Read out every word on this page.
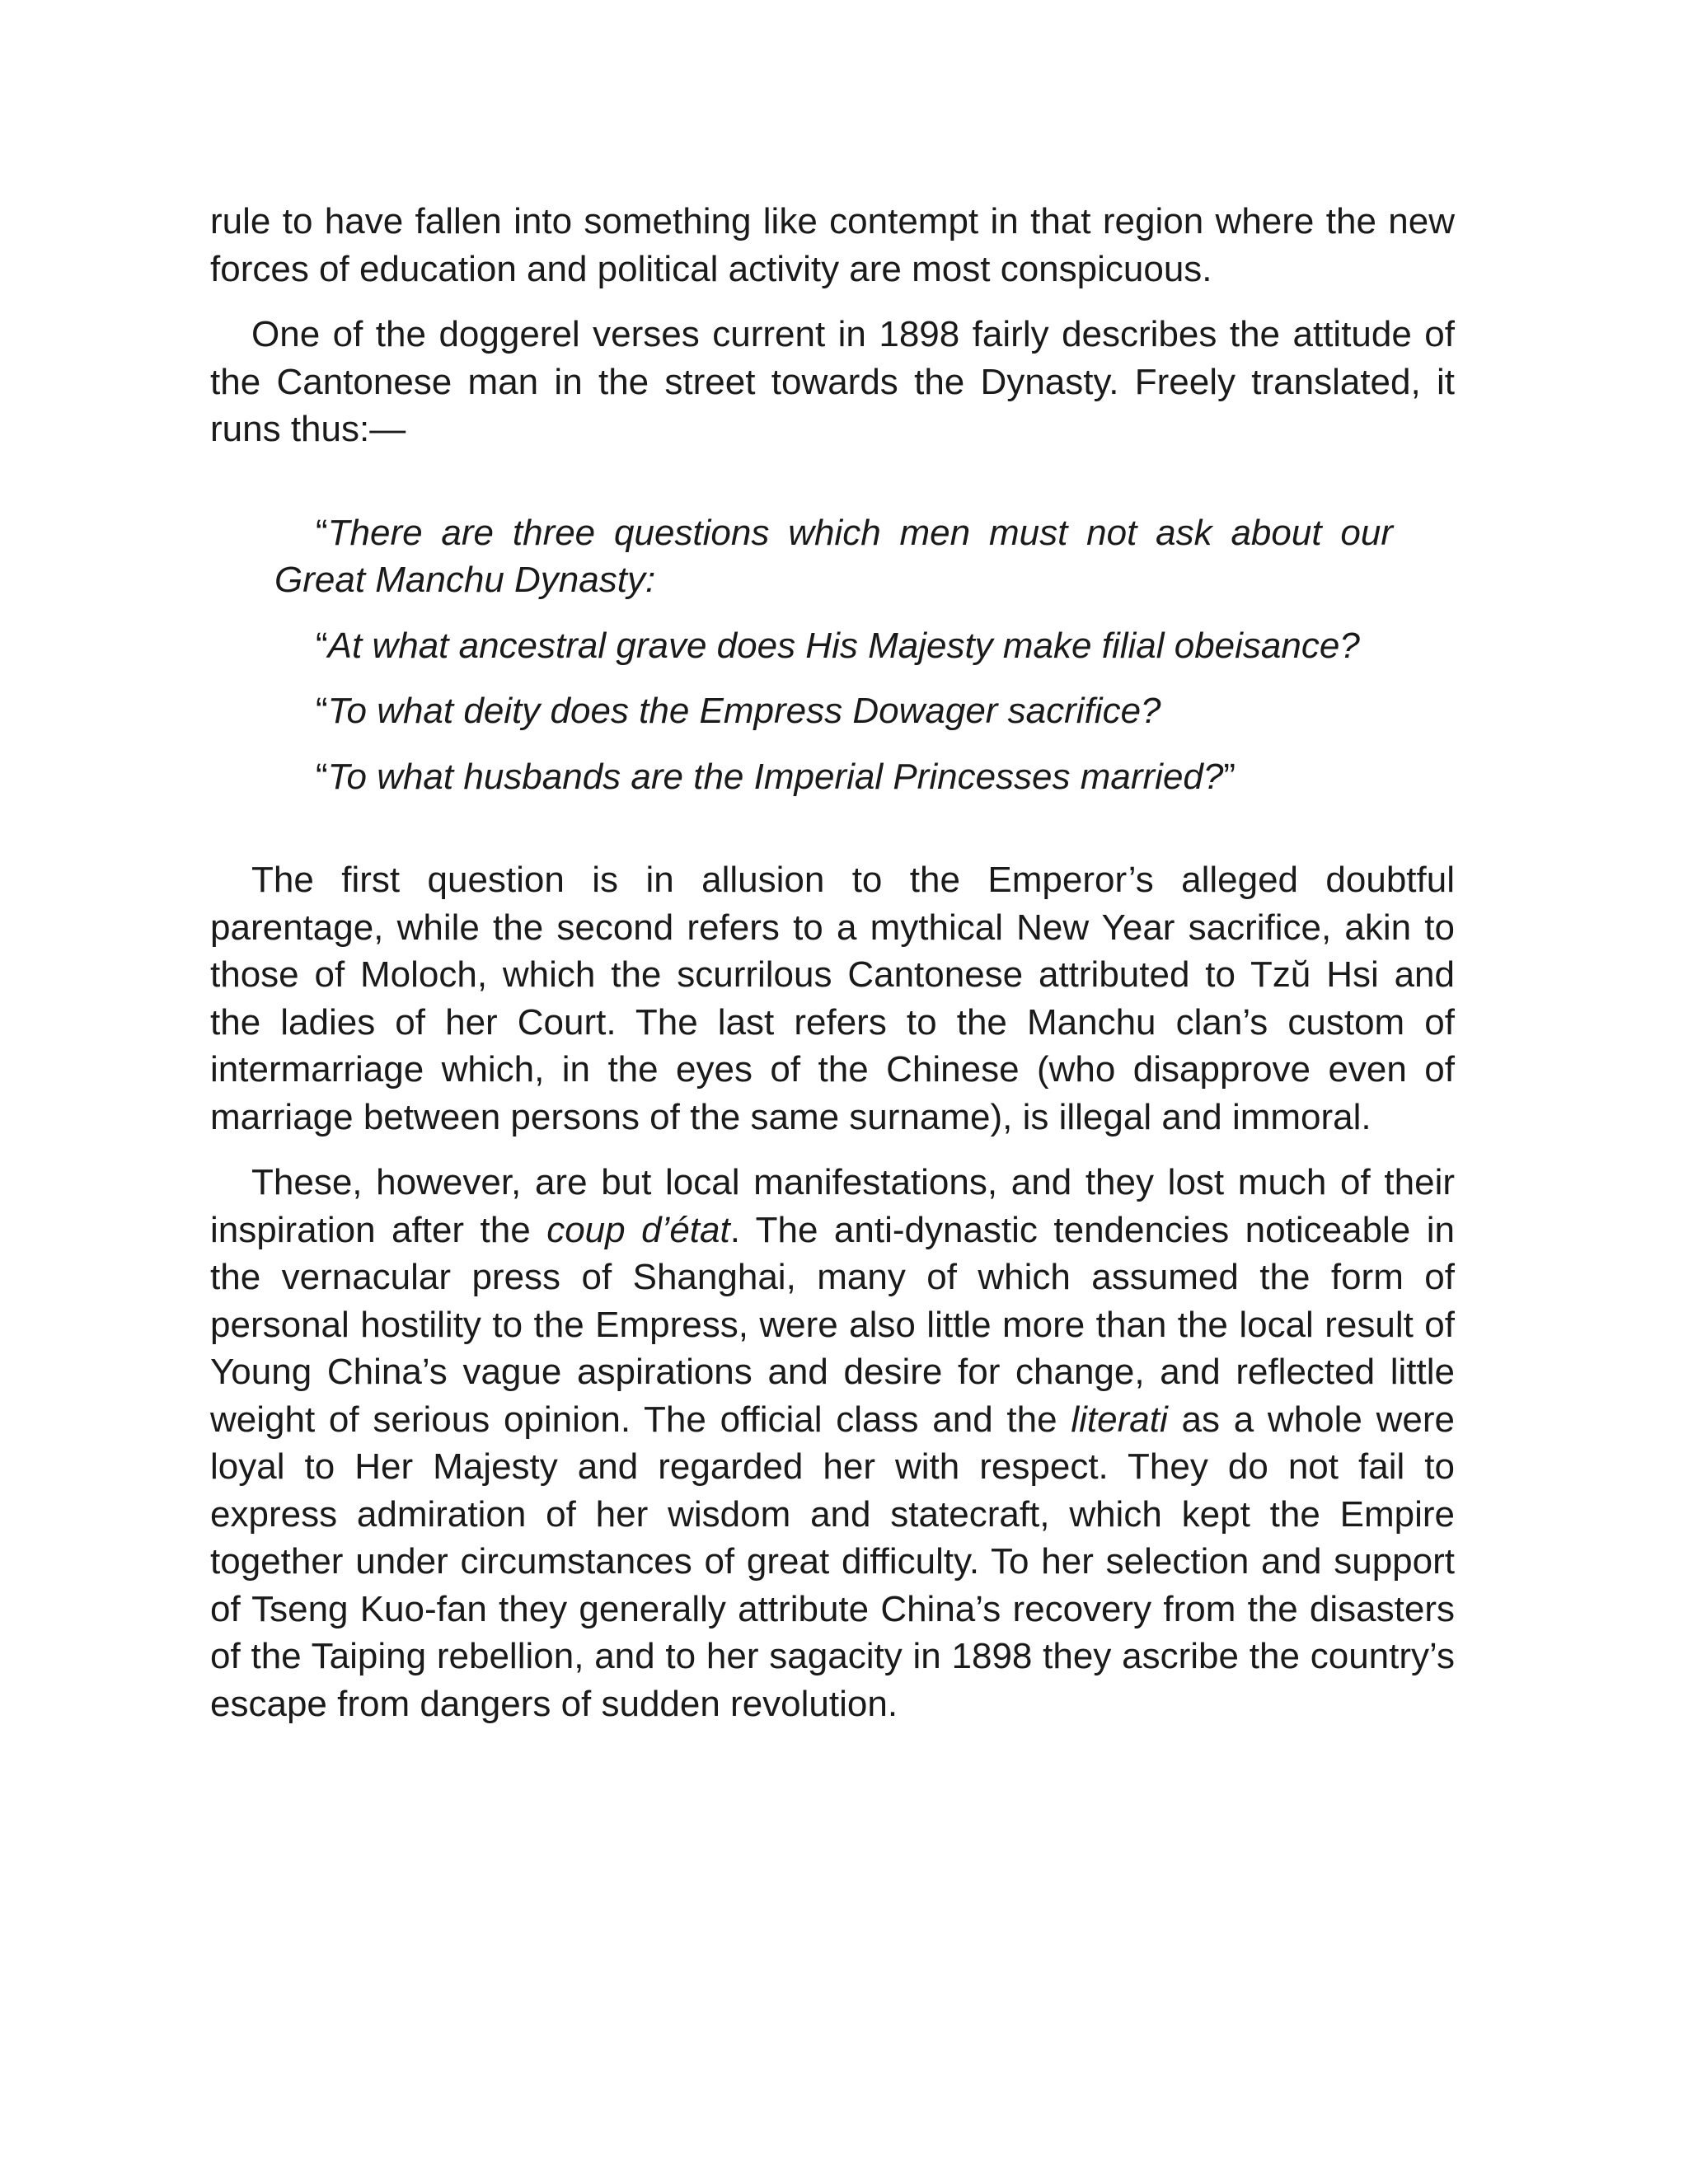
rule to have fallen into something like contempt in that region where the new forces of education and political activity are most conspicuous.

One of the doggerel verses current in 1898 fairly describes the attitude of the Cantonese man in the street towards the Dynasty. Freely translated, it runs thus:—

“There are three questions which men must not ask about our Great Manchu Dynasty:

“At what ancestral grave does His Majesty make filial obeisance?

“To what deity does the Empress Dowager sacrifice?

“To what husbands are the Imperial Princesses married?”

The first question is in allusion to the Emperor’s alleged doubtful parentage, while the second refers to a mythical New Year sacrifice, akin to those of Moloch, which the scurrilous Cantonese attributed to Tzŭ Hsi and the ladies of her Court. The last refers to the Manchu clan’s custom of intermarriage which, in the eyes of the Chinese (who disapprove even of marriage between persons of the same surname), is illegal and immoral.

These, however, are but local manifestations, and they lost much of their inspiration after the coup d’état. The anti-dynastic tendencies noticeable in the vernacular press of Shanghai, many of which assumed the form of personal hostility to the Empress, were also little more than the local result of Young China’s vague aspirations and desire for change, and reflected little weight of serious opinion. The official class and the literati as a whole were loyal to Her Majesty and regarded her with respect. They do not fail to express admiration of her wisdom and statecraft, which kept the Empire together under circumstances of great difficulty. To her selection and support of Tseng Kuo-fan they generally attribute China’s recovery from the disasters of the Taiping rebellion, and to her sagacity in 1898 they ascribe the country’s escape from dangers of sudden revolution.
